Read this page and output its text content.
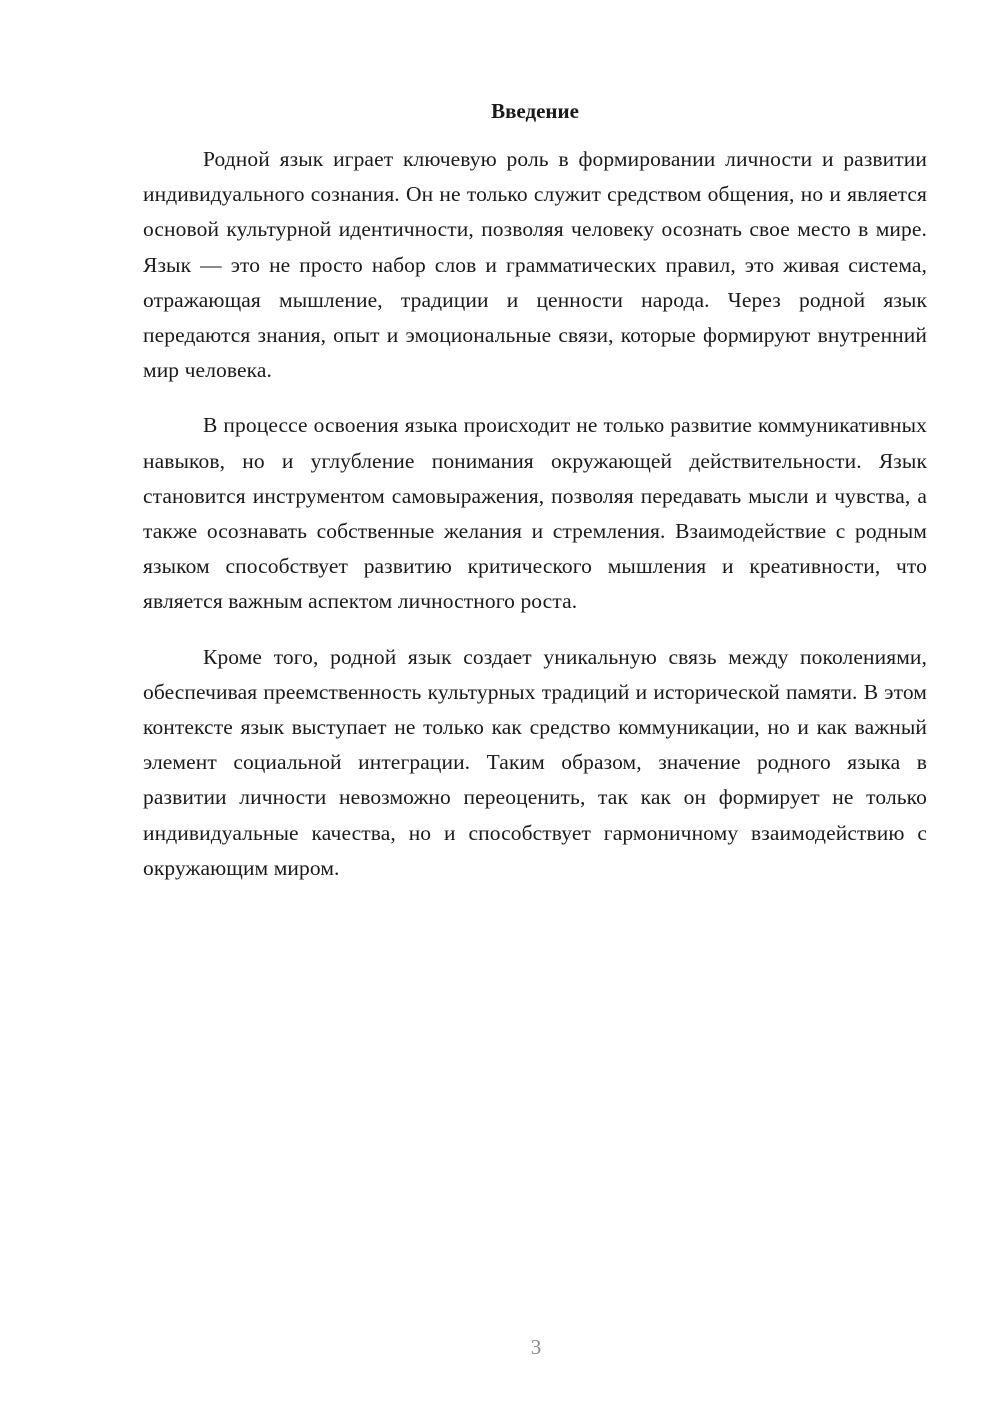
Введение

Родной язык играет ключевую роль в формировании личности и развитии индивидуального сознания. Он не только служит средством общения, но и является основой культурной идентичности, позволяя человеку осознать свое место в мире. Язык — это не просто набор слов и грамматических правил, это живая система, отражающая мышление, традиции и ценности народа. Через родной язык передаются знания, опыт и эмоциональные связи, которые формируют внутренний мир человека.

В процессе освоения языка происходит не только развитие коммуникативных навыков, но и углубление понимания окружающей действительности. Язык становится инструментом самовыражения, позволяя передавать мысли и чувства, а также осознавать собственные желания и стремления. Взаимодействие с родным языком способствует развитию критического мышления и креативности, что является важным аспектом личностного роста.

Кроме того, родной язык создает уникальную связь между поколениями, обеспечивая преемственность культурных традиций и исторической памяти. В этом контексте язык выступает не только как средство коммуникации, но и как важный элемент социальной интеграции. Таким образом, значение родного языка в развитии личности невозможно переоценить, так как он формирует не только индивидуальные качества, но и способствует гармоничному взаимодействию с окружающим миром.

3
